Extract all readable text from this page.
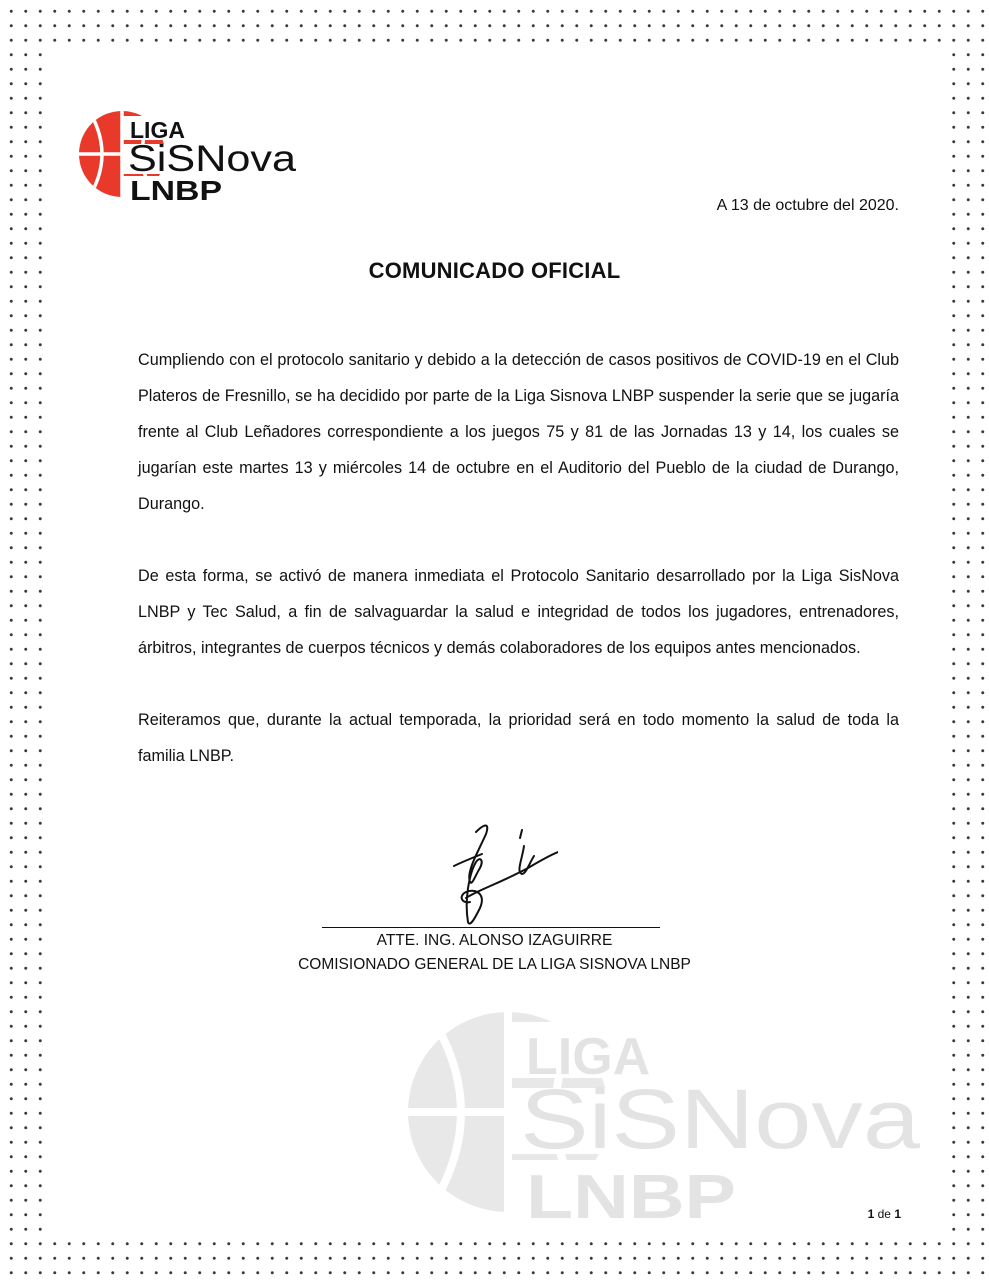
LIGA
SiSNova
LNBP	A 13 de octubre del 2020.
COMUNICADO OFICIAL

Cumpliendo con el protocolo sanitario y debido a la detección de casos positivos de COVID-19 en el Club Plateros de Fresnillo, se ha decidido por parte de la Liga Sisnova LNBP suspender la serie que se jugaría frente al Club Leñadores correspondiente a los juegos 75 y 81 de las Jornadas 13 y 14, los cuales se jugarían este martes 13 y miércoles 14 de octubre en el Auditorio del Pueblo de la ciudad de Durango, Durango.

De esta forma, se activó de manera inmediata el Protocolo Sanitario desarrollado por la Liga SisNova LNBP y Tec Salud, a fin de salvaguardar la salud e integridad de todos los jugadores, entrenadores, árbitros, integrantes de cuerpos técnicos y demás colaboradores de los equipos antes mencionados.

Reiteramos que, durante la actual temporada, la prioridad será en todo momento la salud de toda la familia LNBP.

ATTE. ING. ALONSO IZAGUIRRE
COMISIONADO GENERAL DE LA LIGA SISNOVA LNBP
LIGA
SiSNova
LNBP	1 de 1
